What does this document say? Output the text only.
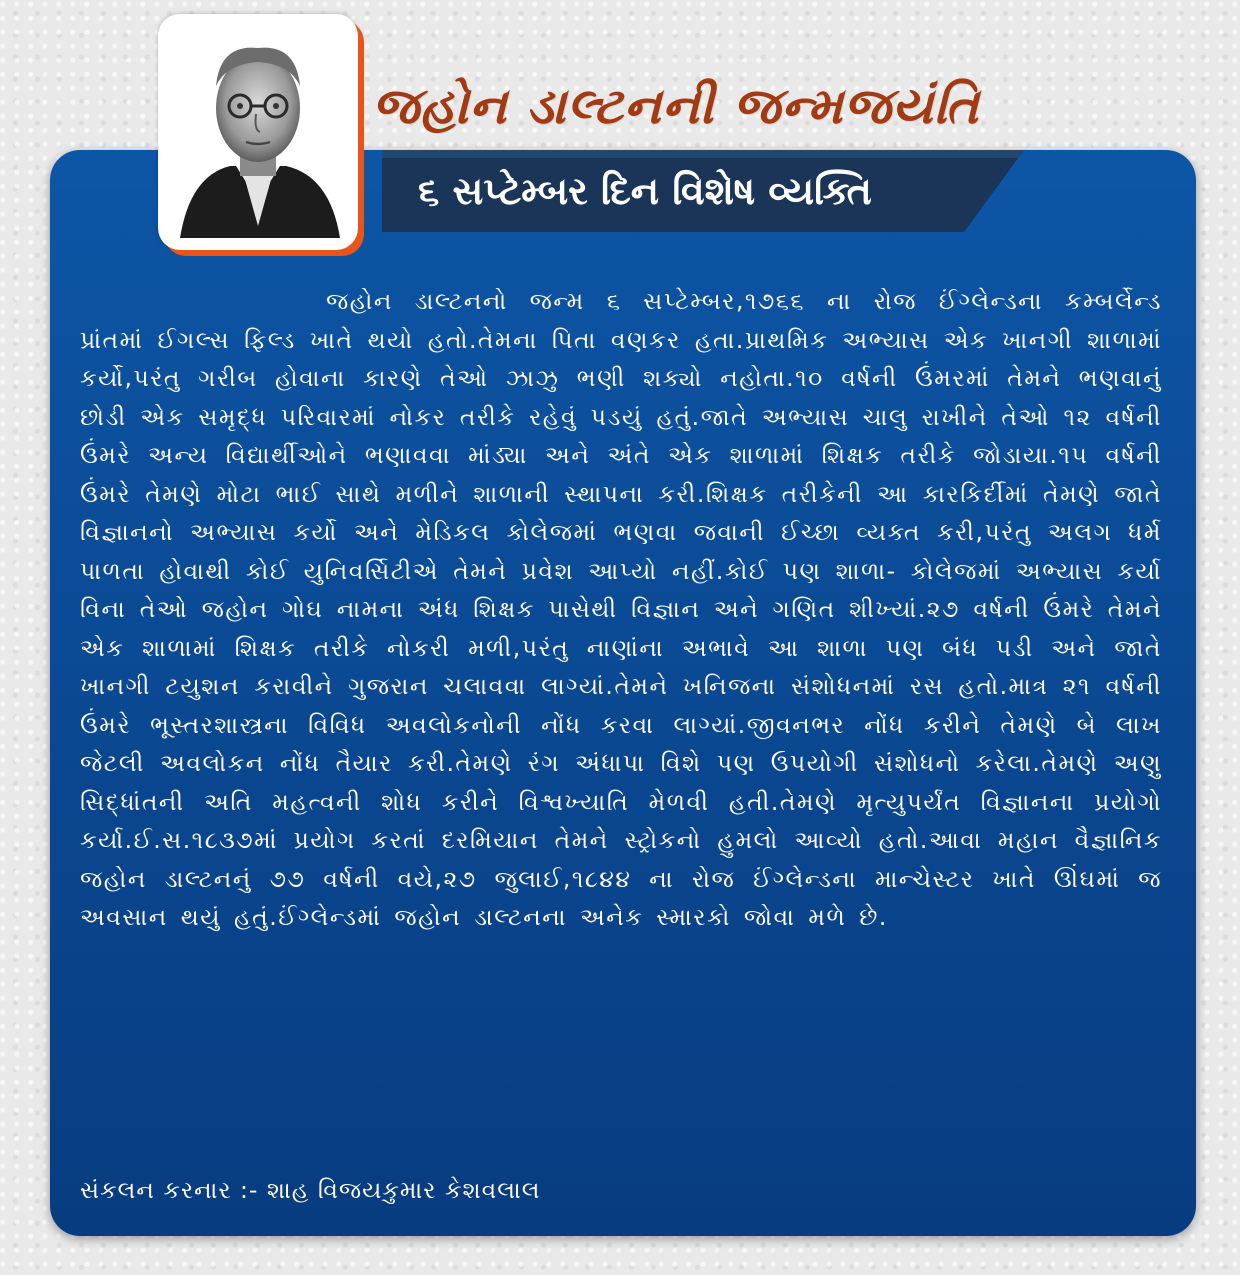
૬ સપ્ટેમ્બર દિન વિશેષ વ્યક્તિ
જહોન ડાલ્ટનની જન્મજયંતિ
જહોન ડાલ્ટનનો જન્મ ૬ સપ્ટેમ્બર,૧૭૬૬ ના રોજ ઈંગ્લેન્ડના કમ્બર્લેન્ડ પ્રાંતમાં ઈગલ્સ ફિલ્ડ ખાતે થયો હતો.તેમના પિતા વણકર હતા.પ્રાથમિક અભ્યાસ એક ખાનગી શાળામાં કર્યો,પરંતુ ગરીબ હોવાના કારણે તેઓ ઝાઝુ ભણી શક્યો નહોતા.૧૦ વર્ષની ઉંમરમાં તેમને ભણવાનું છોડી એક સમૃદ્ધ પરિવારમાં નોકર તરીકે રહેવું પડયું હતું.જાતે અભ્યાસ ચાલુ રાખીને તેઓ ૧૨ વર્ષની ઉંમરે અન્ય વિદ્યાર્થીઓને ભણાવવા માંડ્યા અને અંતે એક શાળામાં શિક્ષક તરીકે જોડાયા.૧૫ વર્ષની ઉંમરે તેમણે મોટા ભાઈ સાથે મળીને શાળાની સ્થાપના કરી.શિક્ષક તરીકેની આ કારકિર્દીમાં તેમણે જાતે વિજ્ઞાનનો અભ્યાસ કર્યો અને મેડિકલ કોલેજમાં ભણવા જવાની ઈચ્છા વ્યક્ત કરી,પરંતુ અલગ ધર્મ પાળતા હોવાથી કોઈ યુનિવર્સિટીએ તેમને પ્રવેશ આપ્યો નહીં.કોઈ પણ શાળા- કોલેજમાં અભ્યાસ કર્યા વિના તેઓ જહોન ગોઘ નામના અંધ શિક્ષક પાસેથી વિજ્ઞાન અને ગણિત શીખ્યાં.૨૭ વર્ષની ઉંમરે તેમને એક શાળામાં શિક્ષક તરીકે નોકરી મળી,પરંતુ નાણાંના અભાવે આ શાળા પણ બંધ પડી અને જાતે ખાનગી ટયુશન કરાવીને ગુજરાન ચલાવવા લાગ્યાં.તેમને ખનિજના સંશોધનમાં રસ હતો.માત્ર ૨૧ વર્ષની ઉંમરે ભૂસ્તરશાસ્ત્રના વિવિધ અવલોકનોની નોંધ કરવા લાગ્યાં.જીવનભર નોંધ કરીને તેમણે બે લાખ જેટલી અવલોકન નોંધ તૈયાર કરી.તેમણે રંગ અંધાપા વિશે પણ ઉપયોગી સંશોધનો કરેલા.તેમણે અણુ સિદ્ધાંતની અતિ મહત્વની શોધ કરીને વિશ્વખ્યાતિ મેળવી હતી.તેમણે મૃત્યુપર્યંત વિજ્ઞાનના પ્રયોગો કર્યા.ઈ.સ.૧૮૩૭માં પ્રયોગ કરતાં દરમિયાન તેમને સ્ટ્રોકનો હુમલો આવ્યો હતો.આવા મહાન વૈજ્ઞાનિક જહોન ડાલ્ટનનું ૭૭ વર્ષની વયે,૨૭ જુલાઈ,૧૮૪૪ ના રોજ ઈંગ્લેન્ડના માન્ચેસ્ટર ખાતે ઊંઘમાં જ અવસાન થયું હતું.ઈંગ્લેન્ડમાં જહોન ડાલ્ટનના અનેક સ્મારકો જોવા મળે છે.
સંકલન કરનાર :- શાહ વિજયકુમાર કેશવલાલ
